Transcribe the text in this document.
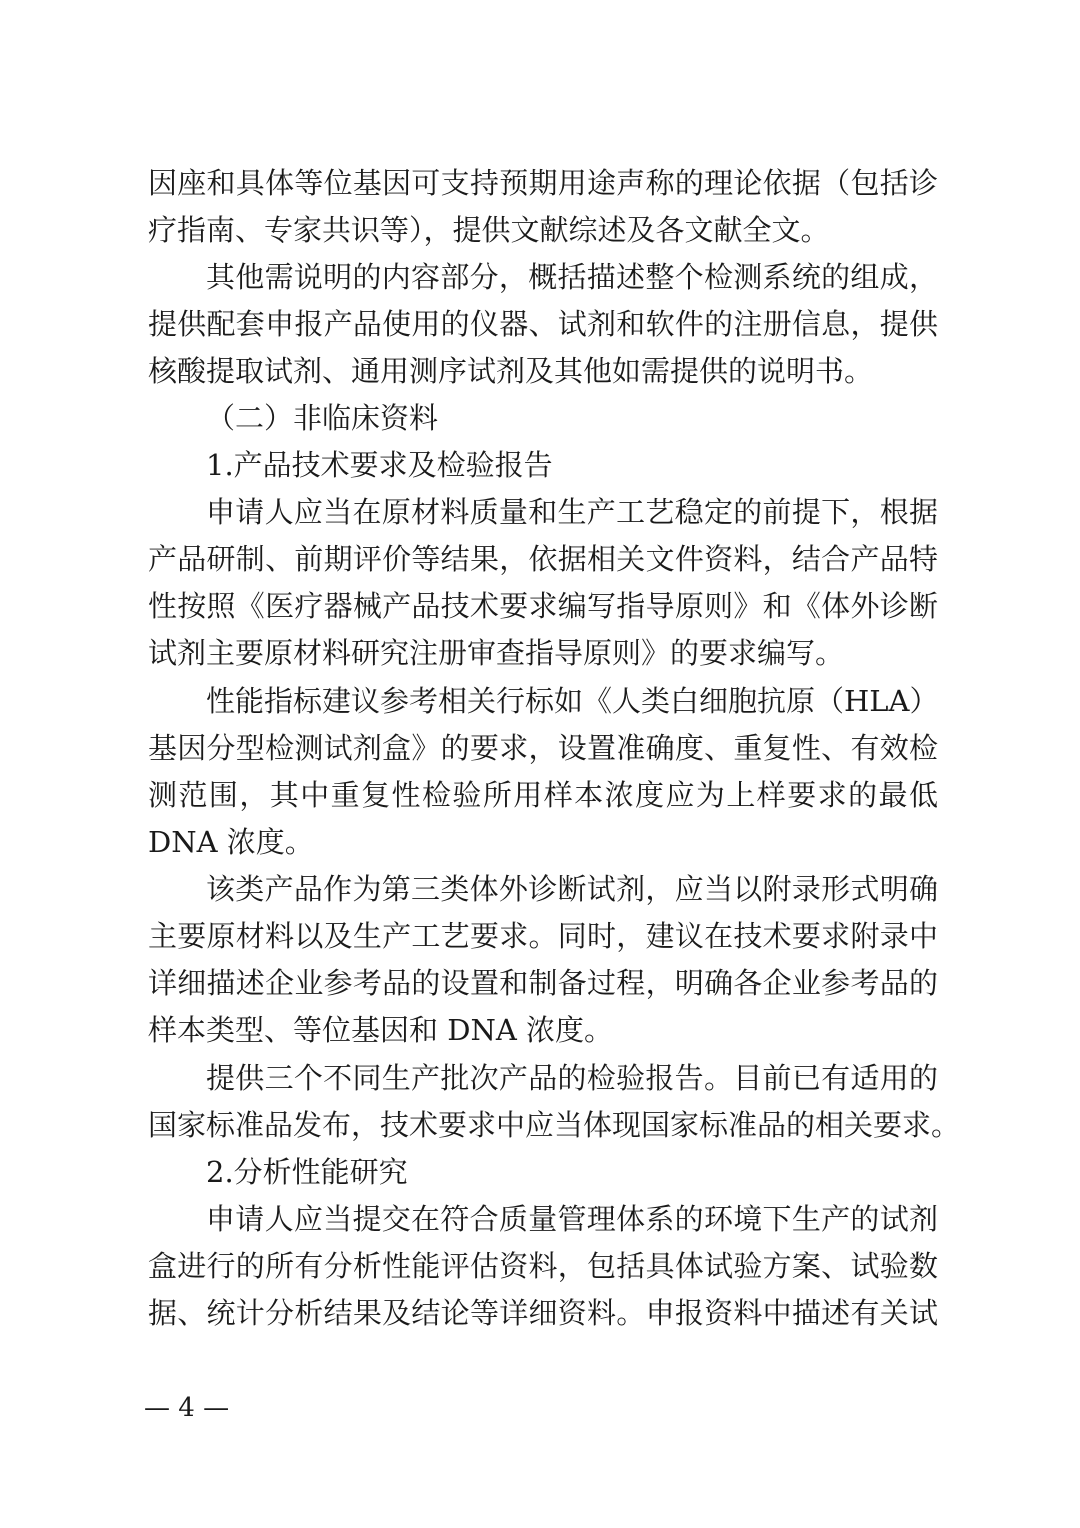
因座和具体等位基因可支持预期用途声称的理论依据（包括诊
疗指南、专家共识等），提供文献综述及各文献全文。
其他需说明的内容部分，概括描述整个检测系统的组成，
提供配套申报产品使用的仪器、试剂和软件的注册信息，提供
核酸提取试剂、通用测序试剂及其他如需提供的说明书。
（二）非临床资料
1.产品技术要求及检验报告
申请人应当在原材料质量和生产工艺稳定的前提下，根据
产品研制、前期评价等结果，依据相关文件资料，结合产品特
性按照《医疗器械产品技术要求编写指导原则》和《体外诊断
试剂主要原材料研究注册审查指导原则》的要求编写。
性能指标建议参考相关行标如《人类白细胞抗原（HLA）
基因分型检测试剂盒》的要求，设置准确度、重复性、有效检
测范围，其中重复性检验所用样本浓度应为上样要求的最低
DNA 浓度。
该类产品作为第三类体外诊断试剂，应当以附录形式明确
主要原材料以及生产工艺要求。同时，建议在技术要求附录中
详细描述企业参考品的设置和制备过程，明确各企业参考品的
样本类型、等位基因和 DNA 浓度。
提供三个不同生产批次产品的检验报告。目前已有适用的
国家标准品发布，技术要求中应当体现国家标准品的相关要求。
2.分析性能研究
申请人应当提交在符合质量管理体系的环境下生产的试剂
盒进行的所有分析性能评估资料，包括具体试验方案、试验数
据、统计分析结果及结论等详细资料。申报资料中描述有关试
— 4 —
